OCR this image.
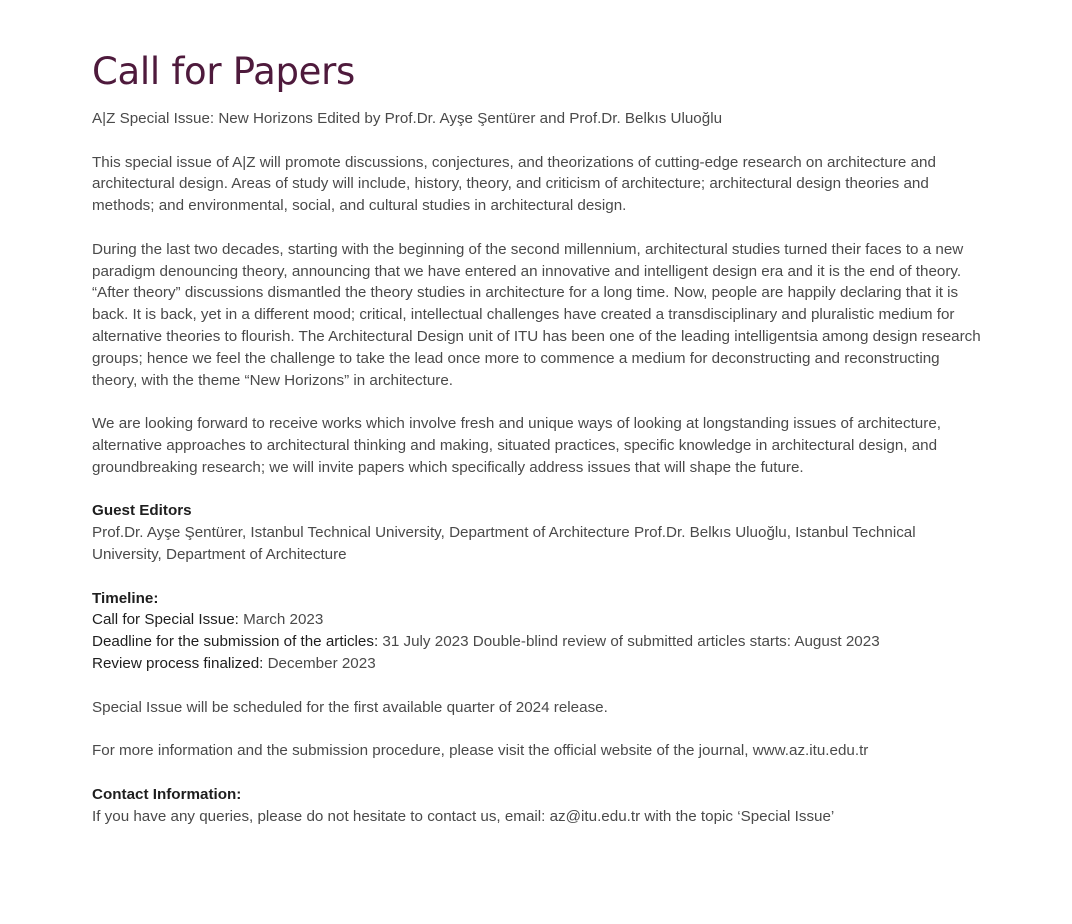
Call for Papers

A|Z Special Issue: New Horizons Edited by Prof.Dr. Ayşe Şentürer and Prof.Dr. Belkıs Uluoğlu

This special issue of A|Z will promote discussions, conjectures, and theorizations of cutting-edge research on architecture and architectural design. Areas of study will include, history, theory, and criticism of architecture; architectural design theories and methods; and environmental, social, and cultural studies in architectural design.

During the last two decades, starting with the beginning of the second millennium, architectural studies turned their faces to a new paradigm denouncing theory, announcing that we have entered an innovative and intelligent design era and it is the end of theory. “After theory” discussions dismantled the theory studies in architecture for a long time. Now, people are happily declaring that it is back. It is back, yet in a different mood; critical, intellectual challenges have created a transdisciplinary and pluralistic medium for alternative theories to flourish. The Architectural Design unit of ITU has been one of the leading intelligentsia among design research groups; hence we feel the challenge to take the lead once more to commence a medium for deconstructing and reconstructing theory, with the theme “New Horizons” in architecture.

We are looking forward to receive works which involve fresh and unique ways of looking at longstanding issues of architecture, alternative approaches to architectural thinking and making, situated practices, specific knowledge in architectural design, and groundbreaking research; we will invite papers which specifically address issues that will shape the future.

Guest Editors

Prof.Dr. Ayşe Şentürer, Istanbul Technical University, Department of Architecture Prof.Dr. Belkıs Uluoğlu, Istanbul Technical University, Department of Architecture

Timeline:

Call for Special Issue: March 2023

Deadline for the submission of the articles: 31 July 2023 Double-blind review of submitted articles starts: August 2023

Review process finalized: December 2023

Special Issue will be scheduled for the first available quarter of 2024 release.

For more information and the submission procedure, please visit the official website of the journal, www.az.itu.edu.tr

Contact Information:

If you have any queries, please do not hesitate to contact us, email: az@itu.edu.tr with the topic ‘Special Issue’
